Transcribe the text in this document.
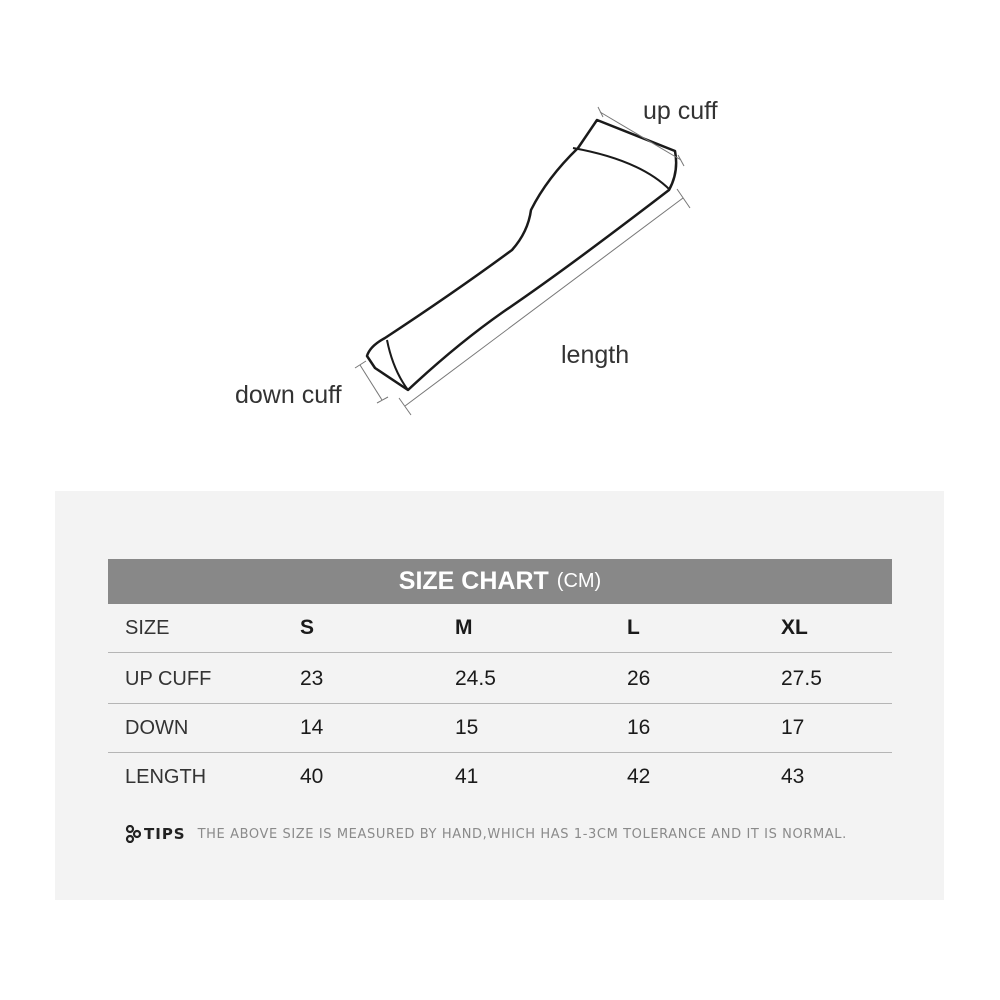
up cuff
length
down cuff
SIZE CHART (CM)
SIZE	S	M	L	XL
UP CUFF	23	24.5	26	27.5
DOWN	14	15	16	17
LENGTH	40	41	42	43
TIPS THE ABOVE SIZE IS MEASURED BY HAND,WHICH HAS 1-3CM TOLERANCE AND IT IS NORMAL.
